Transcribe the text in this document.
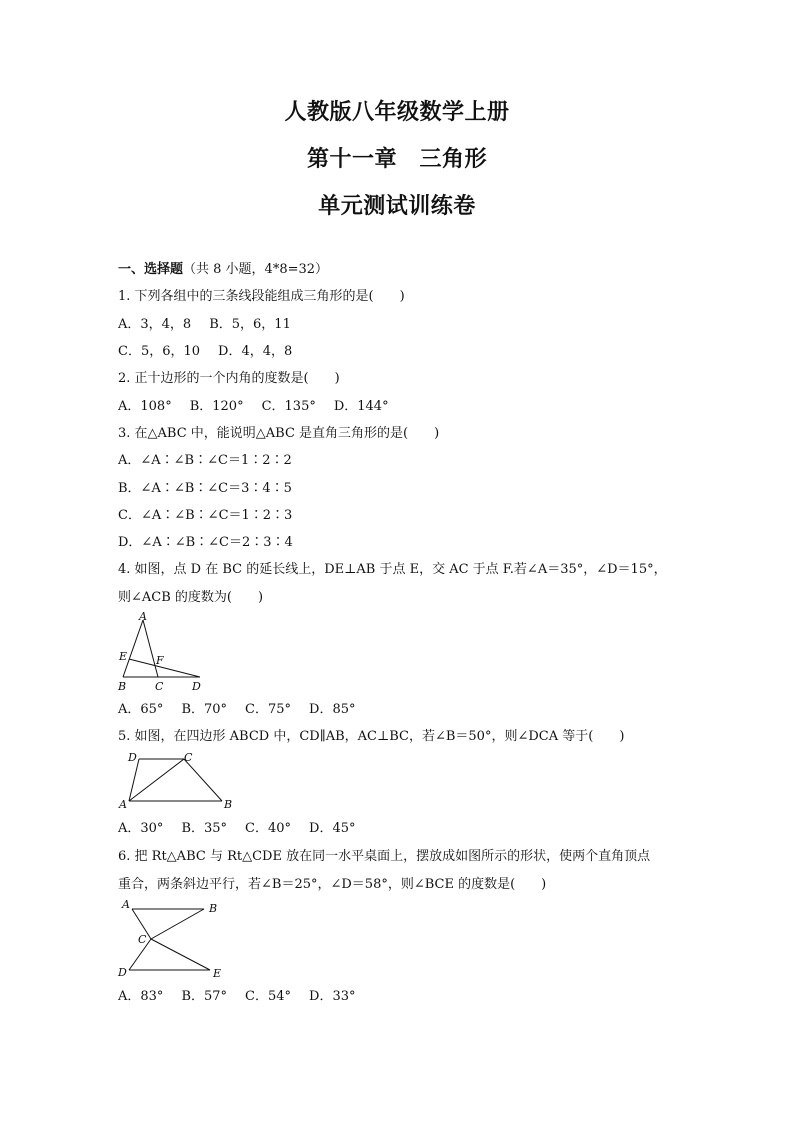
人教版八年级数学上册
第十一章　三角形
单元测试训练卷
一、选择题（共 8 小题，4*8=32）
1. 下列各组中的三条线段能组成三角形的是(　　)
A．3，4，8 B．5，6，11
C．5，6，10 D．4，4，8
2. 正十边形的一个内角的度数是(　　)
A．108° B．120° C．135° D．144°
3. 在△ABC 中，能说明△ABC 是直角三角形的是(　　)
A．∠A∶∠B∶∠C＝1∶2∶2
B．∠A∶∠B∶∠C＝3∶4∶5
C．∠A∶∠B∶∠C＝1∶2∶3
D．∠A∶∠B∶∠C＝2∶3∶4
4. 如图，点 D 在 BC 的延长线上，DE⊥AB 于点 E，交 AC 于点 F.若∠A＝35°，∠D＝15°，
则∠ACB 的度数为(　　)
A
E	F
B	C	D
A．65° B．70° C．75° D．85°
5. 如图，在四边形 ABCD 中，CD∥AB，AC⊥BC，若∠B＝50°，则∠DCA 等于(　　)
D	C
A	B
A．30° B．35° C．40° D．45°
6. 把 Rt△ABC 与 Rt△CDE 放在同一水平桌面上，摆放成如图所示的形状，使两个直角顶点
重合，两条斜边平行，若∠B＝25°，∠D＝58°，则∠BCE 的度数是(　　)
A	B
C
D	E
A．83° B．57° C．54° D．33°
